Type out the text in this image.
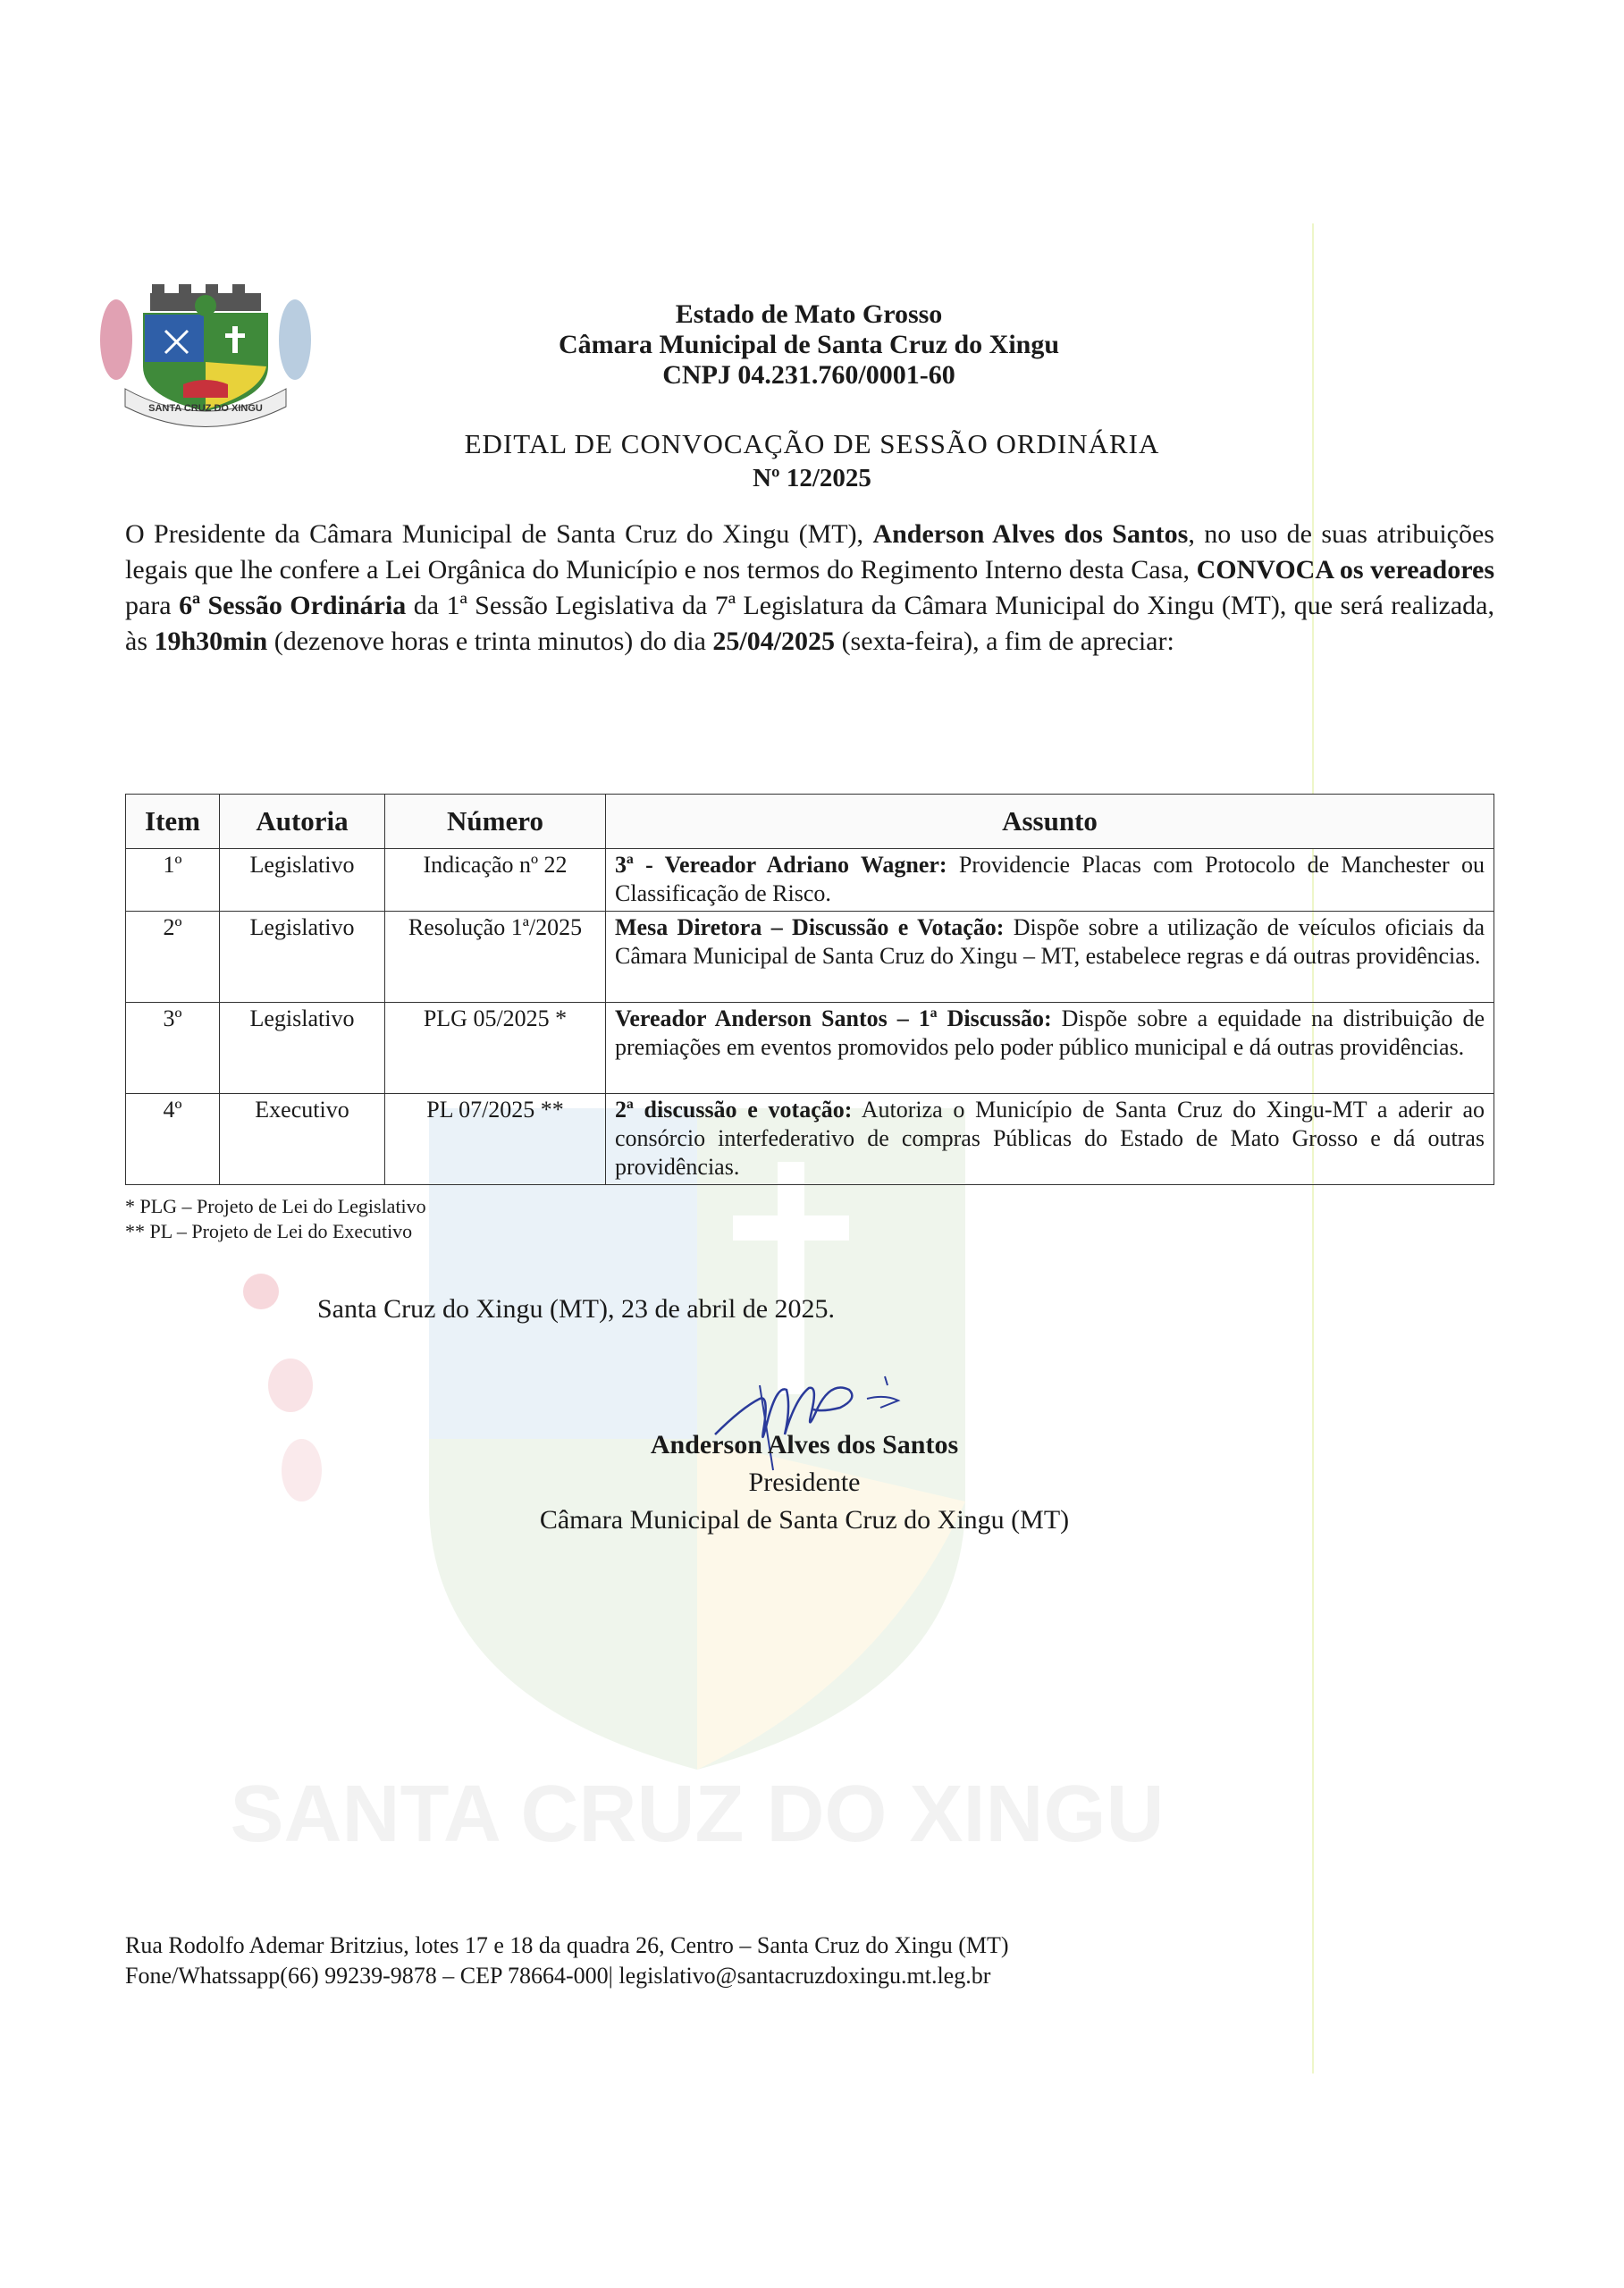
SANTA CRUZ DO XINGU
SANTA CRUZ DO XINGU
Estado de Mato Grosso
Câmara Municipal de Santa Cruz do Xingu
CNPJ 04.231.760/0001-60
EDITAL DE CONVOCAÇÃO DE SESSÃO ORDINÁRIA
Nº 12/2025
O Presidente da Câmara Municipal de Santa Cruz do Xingu (MT), Anderson Alves dos Santos, no uso de suas atribuições legais que lhe confere a Lei Orgânica do Município e nos termos do Regimento Interno desta Casa, CONVOCA os vereadores para 6ª Sessão Ordinária da 1ª Sessão Legislativa da 7ª Legislatura da Câmara Municipal do Xingu (MT), que será realizada, às 19h30min (dezenove horas e trinta minutos) do dia 25/04/2025 (sexta-feira), a fim de apreciar:
Item	Autoria	Número	Assunto
1º	Legislativo	Indicação nº 22	3ª - Vereador Adriano Wagner: Providencie Placas com Protocolo de Manchester ou Classificação de Risco.
2º	Legislativo	Resolução 1ª/2025	Mesa Diretora – Discussão e Votação: Dispõe sobre a utilização de veículos oficiais da Câmara Municipal de Santa Cruz do Xingu – MT, estabelece regras e dá outras providências.
3º	Legislativo	PLG 05/2025 *	Vereador Anderson Santos – 1ª Discussão: Dispõe sobre a equidade na distribuição de premiações em eventos promovidos pelo poder público municipal e dá outras providências.
4º	Executivo	PL 07/2025 **	2ª discussão e votação: Autoriza o Município de Santa Cruz do Xingu-MT a aderir ao consórcio interfederativo de compras Públicas do Estado de Mato Grosso e dá outras providências.
* PLG – Projeto de Lei do Legislativo
** PL – Projeto de Lei do Executivo
Santa Cruz do Xingu (MT), 23 de abril de 2025.
Anderson Alves dos Santos
Presidente
Câmara Municipal de Santa Cruz do Xingu (MT)
Rua Rodolfo Ademar Britzius, lotes 17 e 18 da quadra 26, Centro – Santa Cruz do Xingu (MT)
Fone/Whatssapp(66) 99239-9878 – CEP 78664-000| legislativo@santacruzdoxingu.mt.leg.br
